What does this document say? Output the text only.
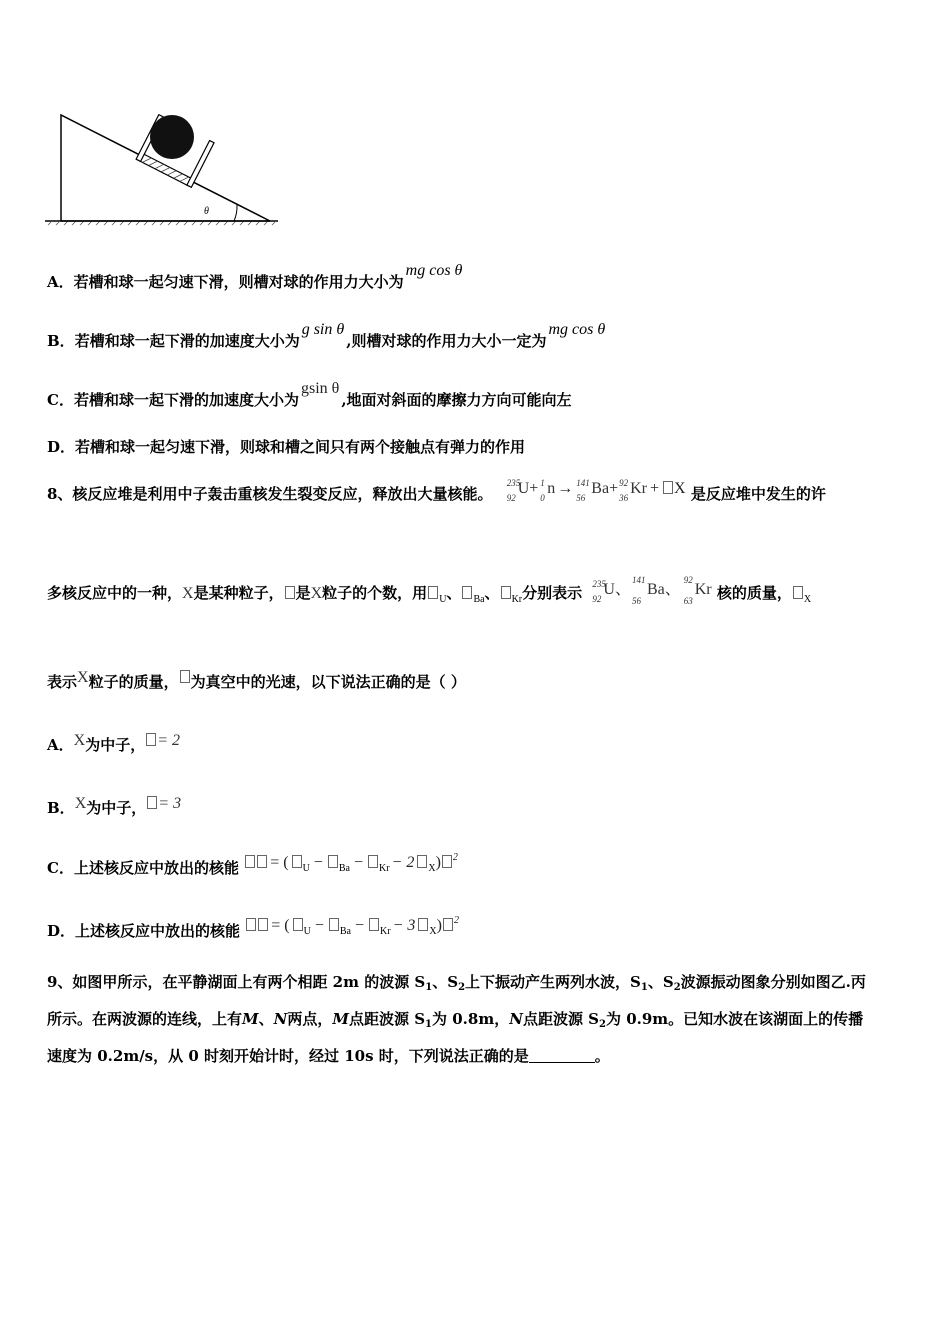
θ
A．若槽和球一起匀速下滑，则槽对球的作用力大小为mg cos θ
B．若槽和球一起下滑的加速度大小为g sin θ,则槽对球的作用力大小一定为mg cos θ
C．若槽和球一起下滑的加速度大小为gsin θ,地面对斜面的摩擦力方向可能向左
D．若槽和球一起匀速下滑，则球和槽之间只有两个接触点有弹力的作用
8、核反应堆是利用中子轰击重核发生裂变反应，释放出大量核能。
235
92
U+ 1
0
n → 141
56
Ba+ 92
36
Kr + X 是反应堆中发生的许
多核反应中的一种，X是某种粒子， 是X粒子的个数，用 $_U$、 $_{Ba}$、 $_{Kr}$分别表示 235
92
U、
141
56
Ba、
92
63
Kr 核的质量， $_X$
表示X粒子的质量， 为真空中的光速，以下说法正确的是（ ）
A．X为中子， = 2
B．X为中子， = 3
C．上述核反应中放出的核能 = ( $_U$ − $_{Ba}$ − $_{Kr}$ − 2 $_X$) $^2$
D．上述核反应中放出的核能 = ( $_U$ − $_{Ba}$ − $_{Kr}$ − 3 $_X$) $^2$
9、如图甲所示，在平静湖面上有两个相距 2m 的波源 $S_1$、$S_2$上下振动产生两列水波，$S_1$、$S_2$波源振动图象分别如图乙.丙
所示。在两波源的连线，上有M、N两点，M点距波源 $S_1$为 0.8m，N点距波源 $S_2$为 0.9m。已知水波在该湖面上的传播
速度为 0.2m/s，从 0 时刻开始计时，经过 10s 时，下列说法正确的是	。
